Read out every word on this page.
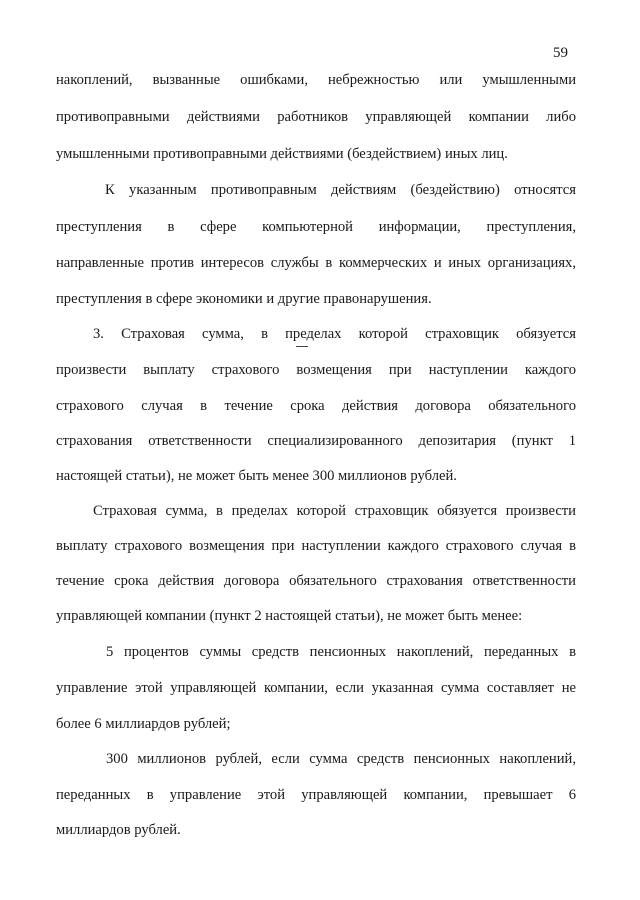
59
накоплений, вызванные ошибками, небрежностью или умышленными
противоправными действиями работников управляющей компании либо
умышленными противоправными действиями (бездействием) иных лиц.
К указанным противоправным действиям (бездействию) относятся
преступления в сфере компьютерной информации, преступления,
направленные против интересов службы в коммерческих и иных организациях,
преступления в сфере экономики и другие правонарушения.
3. Страховая сумма, в пределах которой страховщик обязуется
произвести выплату страхового возмещения при наступлении каждого
страхового случая в течение срока действия договора обязательного
страхования ответственности специализированного депозитария (пункт 1
настоящей статьи), не может быть менее 300 миллионов рублей.
Страховая сумма, в пределах которой страховщик обязуется произвести
выплату страхового возмещения при наступлении каждого страхового случая в
течение срока действия договора обязательного страхования ответственности
управляющей компании (пункт 2 настоящей статьи), не может быть менее:
5 процентов суммы средств пенсионных накоплений, переданных в
управление этой управляющей компании, если указанная сумма составляет не
более 6 миллиардов рублей;
300 миллионов рублей, если сумма средств пенсионных накоплений,
переданных в управление этой управляющей компании, превышает 6
миллиардов рублей.
